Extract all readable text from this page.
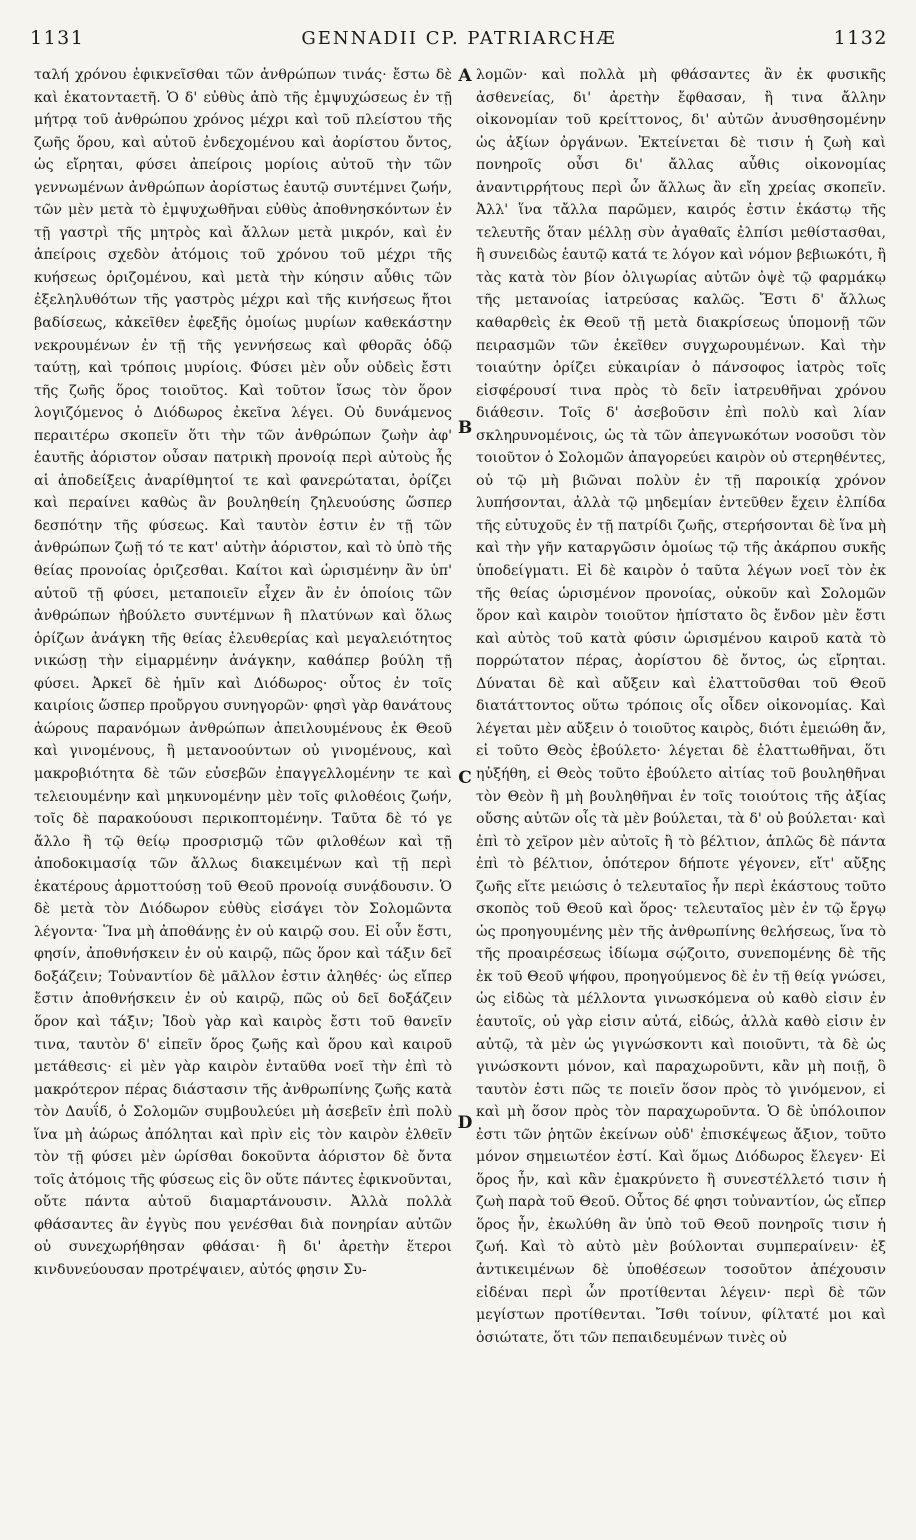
1131	GENNADII CP. PATRIARCHÆ	1132

ταλή χρόνου ἐφικνεῖσθαι τῶν ἀνθρώπων τινάς· ἔστω δὲ καὶ ἑκατονταετῆ. Ὁ δ' εὐθὺς ἀπὸ τῆς ἐμψυχώσεως ἐν τῇ μήτρᾳ τοῦ ἀνθρώπου χρόνος μέχρι καὶ τοῦ πλείστου τῆς ζωῆς ὅρου, καὶ αὐτοῦ ἐνδεχομένου καὶ ἀορίστου ὄντος, ὡς εἴρηται, φύσει ἀπείροις μορίοις αὐτοῦ τὴν τῶν γεννωμένων ἀνθρώπων ἀορίστως ἑαυτῷ συντέμνει ζωήν, τῶν μὲν μετὰ τὸ ἐμψυχωθῆναι εὐθὺς ἀποθνησκόντων ἐν τῇ γαστρὶ τῆς μητρὸς καὶ ἄλλων μετὰ μικρόν, καὶ ἐν ἀπείροις σχεδὸν ἀτόμοις τοῦ χρόνου τοῦ μέχρι τῆς κυήσεως ὁριζομένου, καὶ μετὰ τὴν κύησιν αὖθις τῶν ἐξεληλυθότων τῆς γαστρὸς μέχρι καὶ τῆς κινήσεως ἤτοι βαδίσεως, κἀκεῖθεν ἐφεξῆς ὁμοίως μυρίων καθεκάστην νεκρουμένων ἐν τῇ τῆς γεννήσεως καὶ φθορᾶς ὁδῷ ταύτῃ, καὶ τρόποις μυρίοις. Φύσει μὲν οὖν οὐδεὶς ἔστι τῆς ζωῆς ὅρος τοιοῦτος. Καὶ τοῦτον ἴσως τὸν ὅρον λογιζόμενος ὁ Διόδωρος ἐκεῖνα λέγει. Οὐ δυνάμενος περαιτέρω σκοπεῖν ὅτι τὴν τῶν ἀνθρώπων ζωὴν ἀφ' ἑαυτῆς ἀόριστον οὖσαν πατρικὴ προνοίᾳ περὶ αὐτοὺς ἧς αἱ ἀποδείξεις ἀναρίθμητοί τε καὶ φανερώταται, ὁρίζει καὶ περαίνει καθὼς ἂν βουληθείη ζηλευούσης ὥσπερ δεσπότην τῆς φύσεως. Καὶ ταυτὸν ἐστιν ἐν τῇ τῶν ἀνθρώπων ζωῇ τό τε κατ' αὐτὴν ἀόριστον, καὶ τὸ ὑπὸ τῆς θείας προνοίας ὁριζεσθαι. Καίτοι καὶ ὡρισμένην ἂν ὑπ' αὐτοῦ τῇ φύσει, μεταποιεῖν εἶχεν ἂν ἐν ὁποίοις τῶν ἀνθρώπων ἠβούλετο συντέμνων ἢ πλατύνων καὶ ὅλως ὁρίζων ἀνάγκη τῆς θείας ἐλευθερίας καὶ μεγαλειότητος νικώσῃ τὴν εἱμαρμένην ἀνάγκην, καθάπερ βούλη τῇ φύσει. Ἀρκεῖ δὲ ἡμῖν καὶ Διόδωρος· οὗτος ἐν τοῖς καιρίοις ὥσπερ προὔργου συνηγορῶν· φησὶ γὰρ θανάτους ἀώρους παρανόμων ἀνθρώπων ἀπειλουμένους ἐκ Θεοῦ καὶ γινομένους, ἢ μετανοούντων οὐ γινομένους, καὶ μακροβιότητα δὲ τῶν εὐσεβῶν ἐπαγγελλομένην τε καὶ τελειουμένην καὶ μηκυνομένην μὲν τοῖς φιλοθέοις ζωήν, τοῖς δὲ παρακούουσι περικοπτομένην. Ταῦτα δὲ τό γε ἄλλο ἢ τῷ θείῳ προσρισμῷ τῶν φιλοθέων καὶ τῇ ἀποδοκιμασίᾳ τῶν ἄλλως διακειμένων καὶ τῇ περὶ ἑκατέρους ἁρμοττούσῃ τοῦ Θεοῦ προνοίᾳ συνᾴδουσιν. Ὁ δὲ μετὰ τὸν Διόδωρον εὐθὺς εἰσάγει τὸν Σολομῶντα λέγοντα· Ἵνα μὴ ἀποθάνῃς ἐν οὐ καιρῷ σου. Εἰ οὖν ἔστι, φησίν, ἀποθνήσκειν ἐν οὐ καιρῷ, πῶς ὅρον καὶ τάξιν δεῖ δοξάζειν; Τοὐναντίον δὲ μᾶλλον ἐστιν ἀληθές· ὡς εἴπερ ἔστιν ἀποθνήσκειν ἐν οὐ καιρῷ, πῶς οὐ δεῖ δοξάζειν ὅρον καὶ τάξιν; Ἰδοὺ γὰρ καὶ καιρὸς ἔστι τοῦ θανεῖν τινα, ταυτὸν δ' εἰπεῖν ὅρος ζωῆς καὶ ὅρου καὶ καιροῦ μετάθεσις· εἰ μὲν γὰρ καιρὸν ἐνταῦθα νοεῖ τὴν ἐπὶ τὸ μακρότερον πέρας διάστασιν τῆς ἀνθρωπίνης ζωῆς κατὰ τὸν Δαυΐδ, ὁ Σολομῶν συμβουλεύει μὴ ἀσεβεῖν ἐπὶ πολὺ ἵνα μὴ ἀώρως ἀπόληται καὶ πρὶν εἰς τὸν καιρὸν ἐλθεῖν τὸν τῇ φύσει μὲν ὡρίσθαι δοκοῦντα ἀόριστον δὲ ὄντα τοῖς ἀτόμοις τῆς φύσεως εἰς ὃν οὔτε πάντες ἐφικνοῦνται, οὔτε πάντα αὐτοῦ διαμαρτάνουσιν. Ἀλλὰ πολλὰ φθάσαντες ἂν ἐγγὺς που γενέσθαι διὰ πονηρίαν αὐτῶν οὐ συνεχωρήθησαν φθάσαι· ἢ δι' ἀρετὴν ἕτεροι κινδυνεύουσαν προτρέψαιεν, αὐτός φησιν Συ-

A
B
C
D

λομῶν· καὶ πολλὰ μὴ φθάσαντες ἂν ἐκ φυσικῆς ἀσθενείας, δι' ἀρετὴν ἔφθασαν, ἢ τινα ἄλλην οἰκονομίαν τοῦ κρείττονος, δι' αὐτῶν ἀνυσθησομένην ὡς ἀξίων ὀργάνων. Ἐκτείνεται δὲ τισιν ἡ ζωὴ καὶ πονηροῖς οὖσι δι' ἄλλας αὖθις οἰκονομίας ἀναντιρρήτους περὶ ὧν ἄλλως ἂν εἴη χρείας σκοπεῖν. Ἀλλ' ἵνα τἄλλα παρῶμεν, καιρός ἐστιν ἑκάστῳ τῆς τελευτῆς ὅταν μέλλῃ σὺν ἀγαθαῖς ἐλπίσι μεθίστασθαι, ἢ συνειδὼς ἑαυτῷ κατά τε λόγον καὶ νόμον βεβιωκότι, ἢ τὰς κατὰ τὸν βίον ὀλιγωρίας αὐτῶν ὀψὲ τῷ φαρμάκῳ τῆς μετανοίας ἰατρεύσας καλῶς. Ἔστι δ' ἄλλως καθαρθεὶς ἐκ Θεοῦ τῇ μετὰ διακρίσεως ὑπομονῇ τῶν πειρασμῶν τῶν ἐκεῖθεν συγχωρουμένων. Καὶ τὴν τοιαύτην ὁρίζει εὐκαιρίαν ὁ πάνσοφος ἰατρὸς τοῖς εἰσφέρουσί τινα πρὸς τὸ δεῖν ἰατρευθῆναι χρόνου διάθεσιν. Τοῖς δ' ἀσεβοῦσιν ἐπὶ πολὺ καὶ λίαν σκληρυνομένοις, ὡς τὰ τῶν ἀπεγνωκότων νοσοῦσι τὸν τοιοῦτον ὁ Σολομῶν ἀπαγορεύει καιρὸν οὐ στερηθέντες, οὐ τῷ μὴ βιῶναι πολὺν ἐν τῇ παροικίᾳ χρόνον λυπήσονται, ἀλλὰ τῷ μηδεμίαν ἐντεῦθεν ἔχειν ἐλπίδα τῆς εὐτυχοῦς ἐν τῇ πατρίδι ζωῆς, στερήσονται δὲ ἵνα μὴ καὶ τὴν γῆν καταργῶσιν ὁμοίως τῷ τῆς ἀκάρπου συκῆς ὑποδείγματι. Εἰ δὲ καιρὸν ὁ ταῦτα λέγων νοεῖ τὸν ἐκ τῆς θείας ὡρισμένον προνοίας, οὐκοῦν καὶ Σολομῶν ὅρον καὶ καιρὸν τοιοῦτον ἠπίστατο ὃς ἔνδον μὲν ἔστι καὶ αὐτὸς τοῦ κατὰ φύσιν ὡρισμένου καιροῦ κατὰ τὸ πορρώτατον πέρας, ἀορίστου δὲ ὄντος, ὡς εἴρηται. Δύναται δὲ καὶ αὔξειν καὶ ἐλαττοῦσθαι τοῦ Θεοῦ διατάττοντος οὕτω τρόποις οἷς οἶδεν οἰκονομίας. Καὶ λέγεται μὲν αὔξειν ὁ τοιοῦτος καιρὸς, διότι ἐμειώθη ἄν, εἰ τοῦτο Θεὸς ἐβούλετο· λέγεται δὲ ἐλαττωθῆναι, ὅτι ηὐξήθη, εἰ Θεὸς τοῦτο ἐβούλετο αἰτίας τοῦ βουληθῆναι τὸν Θεὸν ἢ μὴ βουληθῆναι ἐν τοῖς τοιούτοις τῆς ἀξίας οὔσης αὐτῶν οἷς τὰ μὲν βούλεται, τὰ δ' οὐ βούλεται· καὶ ἐπὶ τὸ χεῖρον μὲν αὐτοῖς ἢ τὸ βέλτιον, ἁπλῶς δὲ πάντα ἐπὶ τὸ βέλτιον, ὁπότερον δήποτε γέγονεν, εἴτ' αὔξης ζωῆς εἴτε μειώσις ὁ τελευταῖος ἦν περὶ ἑκάστους τοῦτο σκοπὸς τοῦ Θεοῦ καὶ ὅρος· τελευταῖος μὲν ἐν τῷ ἔργῳ ὡς προηγουμένης μὲν τῆς ἀνθρωπίνης θελήσεως, ἵνα τὸ τῆς προαιρέσεως ἰδίωμα σῴζοιτο, συνεπομένης δὲ τῆς ἐκ τοῦ Θεοῦ ψήφου, προηγούμενος δὲ ἐν τῇ θείᾳ γνώσει, ὡς εἰδὼς τὰ μέλλοντα γινωσκόμενα οὐ καθὸ εἰσιν ἐν ἑαυτοῖς, οὐ γὰρ εἰσιν αὐτά, εἰδώς, ἀλλὰ καθὸ εἰσιν ἐν αὐτῷ, τὰ μὲν ὡς γιγνώσκοντι καὶ ποιοῦντι, τὰ δὲ ὡς γινώσκοντι μόνον, καὶ παραχωροῦντι, κἂν μὴ ποιῇ, ὃ ταυτὸν ἐστι πῶς τε ποιεῖν ὅσον πρὸς τὸ γινόμενον, εἰ καὶ μὴ ὅσον πρὸς τὸν παραχωροῦντα. Ὁ δὲ ὑπόλοιπον ἐστι τῶν ῥητῶν ἐκείνων οὐδ' ἐπισκέψεως ἄξιον, τοῦτο μόνον σημειωτέον ἐστί. Καὶ ὅμως Διόδωρος ἔλεγεν· Εἰ ὅρος ἦν, καὶ κἂν ἐμακρύνετο ἢ συνεστέλλετό τισιν ἡ ζωὴ παρὰ τοῦ Θεοῦ. Οὗτος δέ φησι τοὐναντίον, ὡς εἴπερ ὅρος ἦν, ἐκωλύθη ἂν ὑπὸ τοῦ Θεοῦ πονηροῖς τισιν ἡ ζωή. Καὶ τὸ αὐτὸ μὲν βούλονται συμπεραίνειν· ἐξ ἀντικειμένων δὲ ὑποθέσεων τοσοῦτον ἀπέχουσιν εἰδέναι περὶ ὧν προτίθενται λέγειν· περὶ δὲ τῶν μεγίστων προτίθενται. Ἴσθι τοίνυν, φίλτατέ μοι καὶ ὁσιώτατε, ὅτι τῶν πεπαιδευμένων τινὲς οὐ
